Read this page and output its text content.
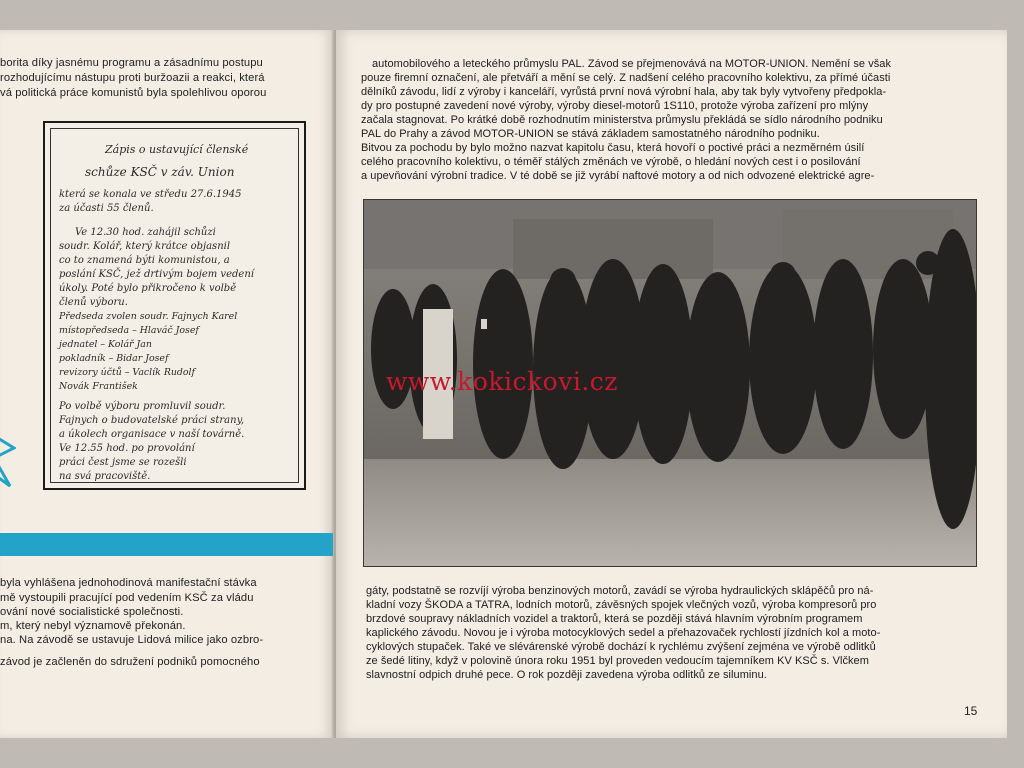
borita díky jasnému programu a zásadnímu postupu
rozhodujícímu nástupu proti buržoazii a reakci, která
vá politická práce komunistů byla spolehlivou oporou
Zápis o ustavující členské
schůze KSČ v záv. Union
která se konala ve středu 27.6.1945
za účasti 55 členů.
Ve 12.30 hod. zahájil schůzi
soudr. Kolář, který krátce objasnil
co to znamená býti komunistou, a
poslání KSČ, jež drtivým bojem vedení
úkoly. Poté bylo přikročeno k volbě
členů výboru.
Předseda zvolen soudr. Fajnych Karel
místopředseda – Hlaváč Josef
jednatel – Kolář Jan
pokladník – Bidar Josef
revizory účtů – Vaclík Rudolf
Novák František
Po volbě výboru promluvil soudr.
Fajnych o budovatelské práci strany,
a úkolech organisace v naší továrně.
Ve 12.55 hod. po provolání
práci čest jsme se rozešli
na svá pracoviště.
byla vyhlášena jednohodinová manifestační stávka
mě vystoupili pracující pod vedením KSČ za vládu
ování nové socialistické společnosti.
m, který nebyl významově překonán.
na. Na závodě se ustavuje Lidová milice jako ozbro-
závod je začleněn do sdružení podniků pomocného
automobilového a leteckého průmyslu PAL. Závod se přejmenovává na MOTOR-UNION. Nemění se však
pouze firemní označení, ale přetváří a mění se celý. Z nadšení celého pracovního kolektivu, za přímé účasti
dělníků závodu, lidí z výroby i kanceláří, vyrůstá první nová výrobní hala, aby tak byly vytvořeny předpokla-
dy pro postupné zavedení nové výroby, výroby diesel-motorů 1S110, protože výroba zařízení pro mlýny
začala stagnovat. Po krátké době rozhodnutím ministerstva průmyslu překládá se sídlo národního podniku
PAL do Prahy a závod MOTOR-UNION se stává základem samostatného národního podniku.
Bitvou za pochodu by bylo možno nazvat kapitolu času, která hovoří o poctivé práci a nezměrném úsilí
celého pracovního kolektivu, o téměř stálých změnách ve výrobě, o hledání nových cest i o posilování
a upevňování výrobní tradice. V té době se již vyrábí naftové motory a od nich odvozené elektrické agre-
www.kokickovi.cz
gáty, podstatně se rozvíjí výroba benzinových motorů, zavádí se výroba hydraulických sklápěčů pro ná-
kladní vozy ŠKODA a TATRA, lodních motorů, závěsných spojek vlečných vozů, výroba kompresorů pro
brzdové soupravy nákladních vozidel a traktorů, která se později stává hlavním výrobním programem
kaplického závodu. Novou je i výroba motocyklových sedel a přehazovaček rychlostí jízdních kol a moto-
cyklových stupaček. Také ve slévárenské výrobě dochází k rychlému zvýšení zejména ve výrobě odlitků
ze šedé litiny, když v polovině února roku 1951 byl proveden vedoucím tajemníkem KV KSČ s. Vlčkem
slavnostní odpich druhé pece. O rok později zavedena výroba odlitků ze siluminu.
15
